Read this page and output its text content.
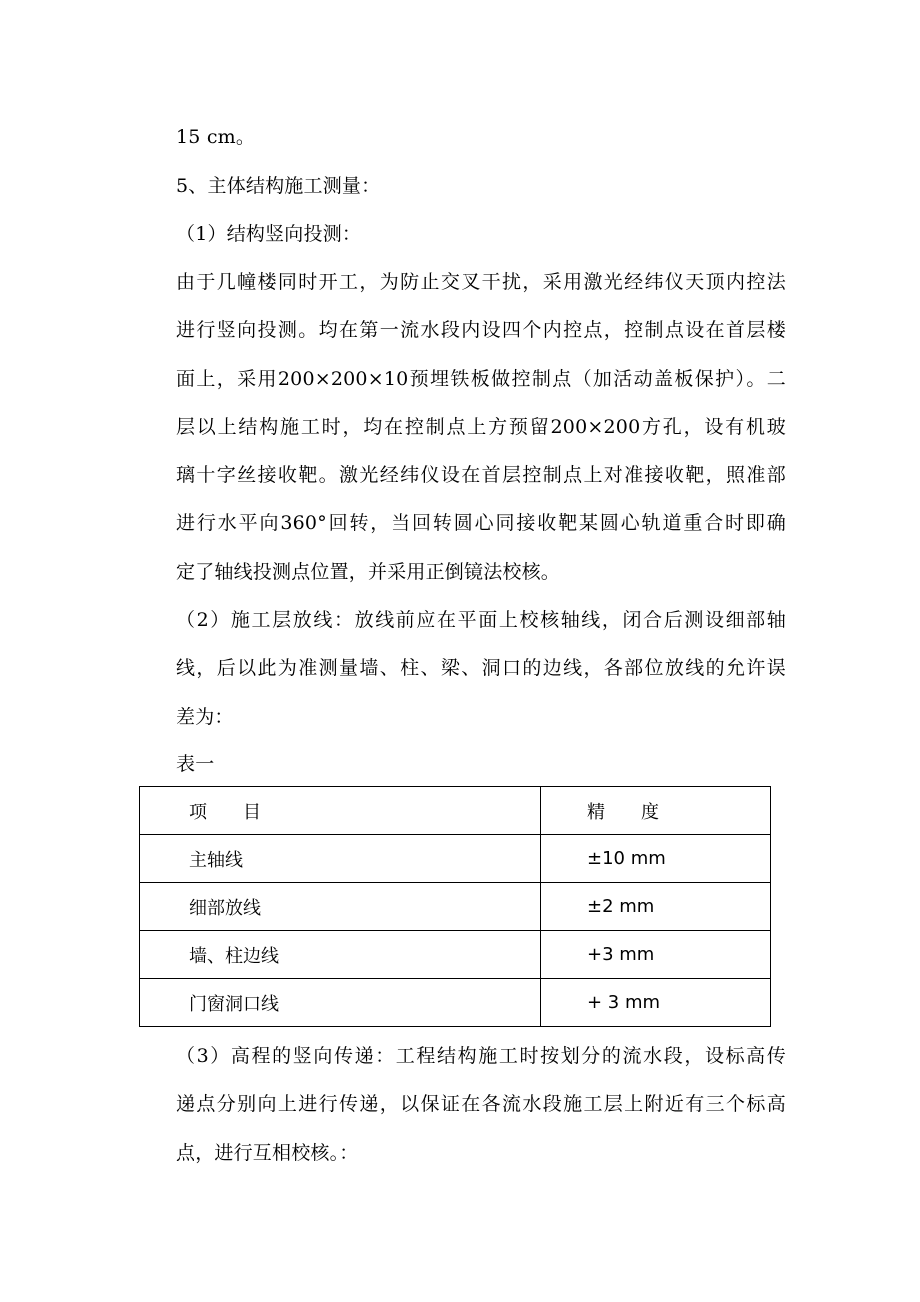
15 cm。
5、主体结构施工测量：
（1）结构竖向投测：
由于几幢楼同时开工，为防止交叉干扰，采用激光经纬仪天顶内控法
进行竖向投测。均在第一流水段内设四个内控点，控制点设在首层楼
面上，采用200×200×10预埋铁板做控制点（加活动盖板保护）。二
层以上结构施工时，均在控制点上方预留200×200方孔，设有机玻
璃十字丝接收靶。激光经纬仪设在首层控制点上对准接收靶，照准部
进行水平向360°回转，当回转圆心同接收靶某圆心轨道重合时即确
定了轴线投测点位置，并采用正倒镜法校核。
（2）施工层放线：放线前应在平面上校核轴线，闭合后测设细部轴
线，后以此为准测量墙、柱、梁、洞口的边线，各部位放线的允许误
差为：
表一
项　　目	精　　度
主轴线	±10 mm
细部放线	±2 mm
墙、柱边线	+3 mm
门窗洞口线	+ 3 mm
（3）高程的竖向传递：工程结构施工时按划分的流水段，设标高传
递点分别向上进行传递，以保证在各流水段施工层上附近有三个标高
点，进行互相校核。：
